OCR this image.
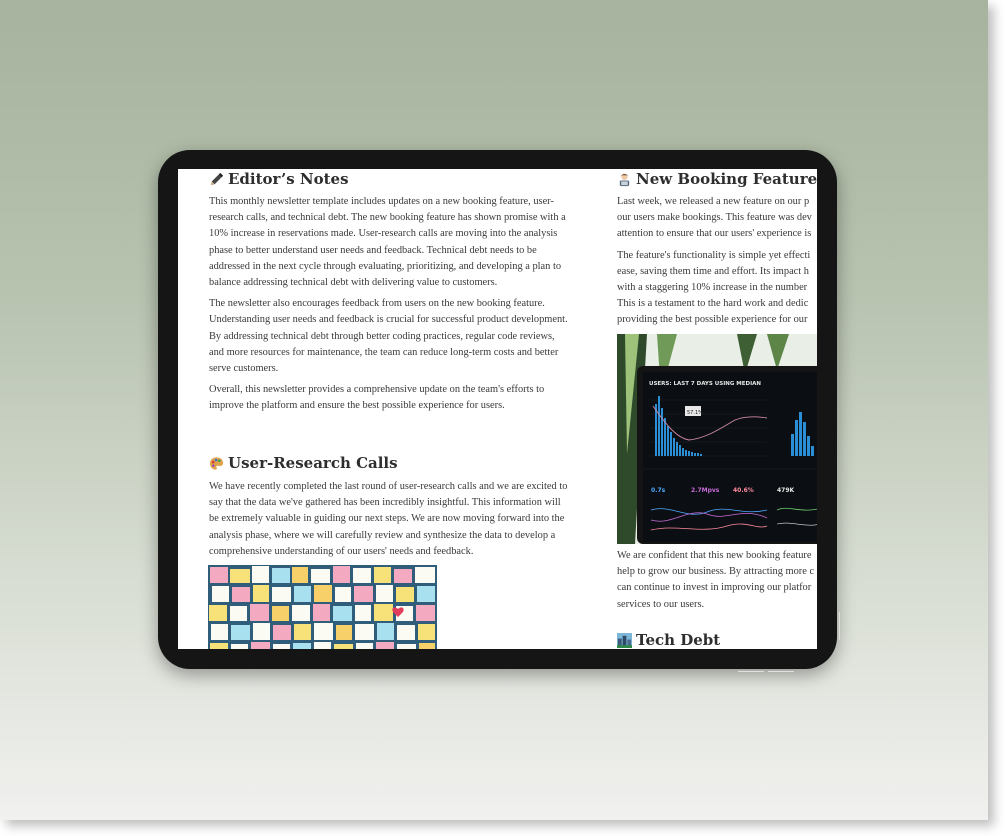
Editor’s Notes

This monthly newsletter template includes updates on a new booking feature, user-
research calls, and technical debt. The new booking feature has shown promise with a
10% increase in reservations made. User-research calls are moving into the analysis
phase to better understand user needs and feedback. Technical debt needs to be
addressed in the next cycle through evaluating, prioritizing, and developing a plan to
balance addressing technical debt with delivering value to customers.

The newsletter also encourages feedback from users on the new booking feature.
Understanding user needs and feedback is crucial for successful product development.
By addressing technical debt through better coding practices, regular code reviews,
and more resources for maintenance, the team can reduce long-term costs and better
serve customers.

Overall, this newsletter provides a comprehensive update on the team's efforts to
improve the platform and ensure the best possible experience for users.

User-Research Calls

We have recently completed the last round of user-research calls and we are excited to
say that the data we've gathered has been incredibly insightful. This information will
be extremely valuable in guiding our next steps. We are now moving forward into the
analysis phase, where we will carefully review and synthesize the data to develop a
comprehensive understanding of our users' needs and feedback.

New Booking Feature

Last week, we released a new feature on our p
our users make bookings. This feature was dev
attention to ensure that our users' experience is

The feature's functionality is simple yet effecti
ease, saving them time and effort. Its impact h
with a staggering 10% increase in the number
This is a testament to the hard work and dedic
providing the best possible experience for our

USERS: LAST 7 DAYS USING MEDIAN
57.1%
0.7s	2.7Mpvs 40.6%	479K

We are confident that this new booking feature
help to grow our business. By attracting more c
can continue to invest in improving our platfor
services to our users.

Tech Debt
